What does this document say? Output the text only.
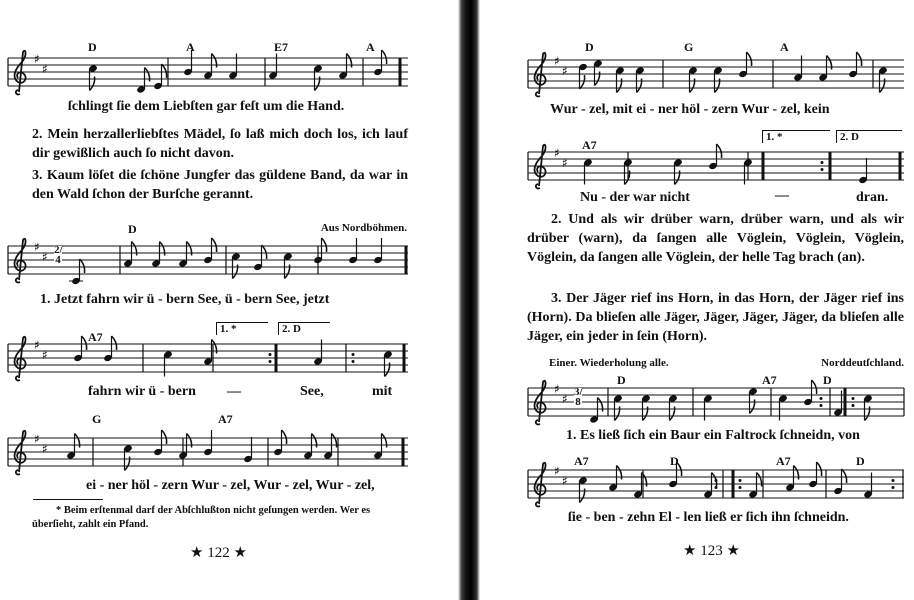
D	A	E7	A
♯
♯
ſchlingt ſie dem Liebſten gar feſt um die Hand.
2. Mein herzallerliebſtes Mädel, ſo laß mich doch los, ich lauf dir gewißlich auch ſo nicht davon.
3. Kaum löſet die ſchöne Jungfer das güldene Band, da war in den Wald ſchon der Burſche gerannt.
D	Aus Nordböhmen.
♯
♯ 2/4
1. Jetzt fahrn wir ü - bern See, ü - bern See, jetzt
A7
1. *	2. D
♯
♯
fahrn wir ü - bern —	See,	mit
G	A7
♯
♯
ei - ner höl - zern Wur - zel, Wur - zel, Wur - zel,
* Beim erſtenmal darf der Abſchlußton nicht geſungen werden. Wer es überſieht, zahlt ein Pfand.
★ 122 ★
D	G	A
♯
♯
Wur - zel, mit ei - ner höl - zern Wur - zel, kein
A7
1. *	2. D
♯
♯
Nu - der war nicht	—	dran.
2. Und als wir drüber warn, drüber warn, und als wir drüber (warn), da ſangen alle Vöglein, Vöglein, Vöglein, Vöglein, da ſangen alle Vöglein, der helle Tag brach (an).
3. Der Jäger rief ins Horn, in das Horn, der Jäger rief ins (Horn). Da blieſen alle Jäger, Jäger, Jäger, Jäger, da blieſen alle Jäger, ein jeder in ſein (Horn).
Einer. Wiederholung alle.	Norddeutſchland.
D	A7	D
♯
♯ 3/8
1. Es ließ ſich ein Baur ein Faltrock ſchneidn, von
A7	D	A7	D
♯
♯
ſie - ben - zehn El - len ließ er ſich ihn ſchneidn.
★ 123 ★
